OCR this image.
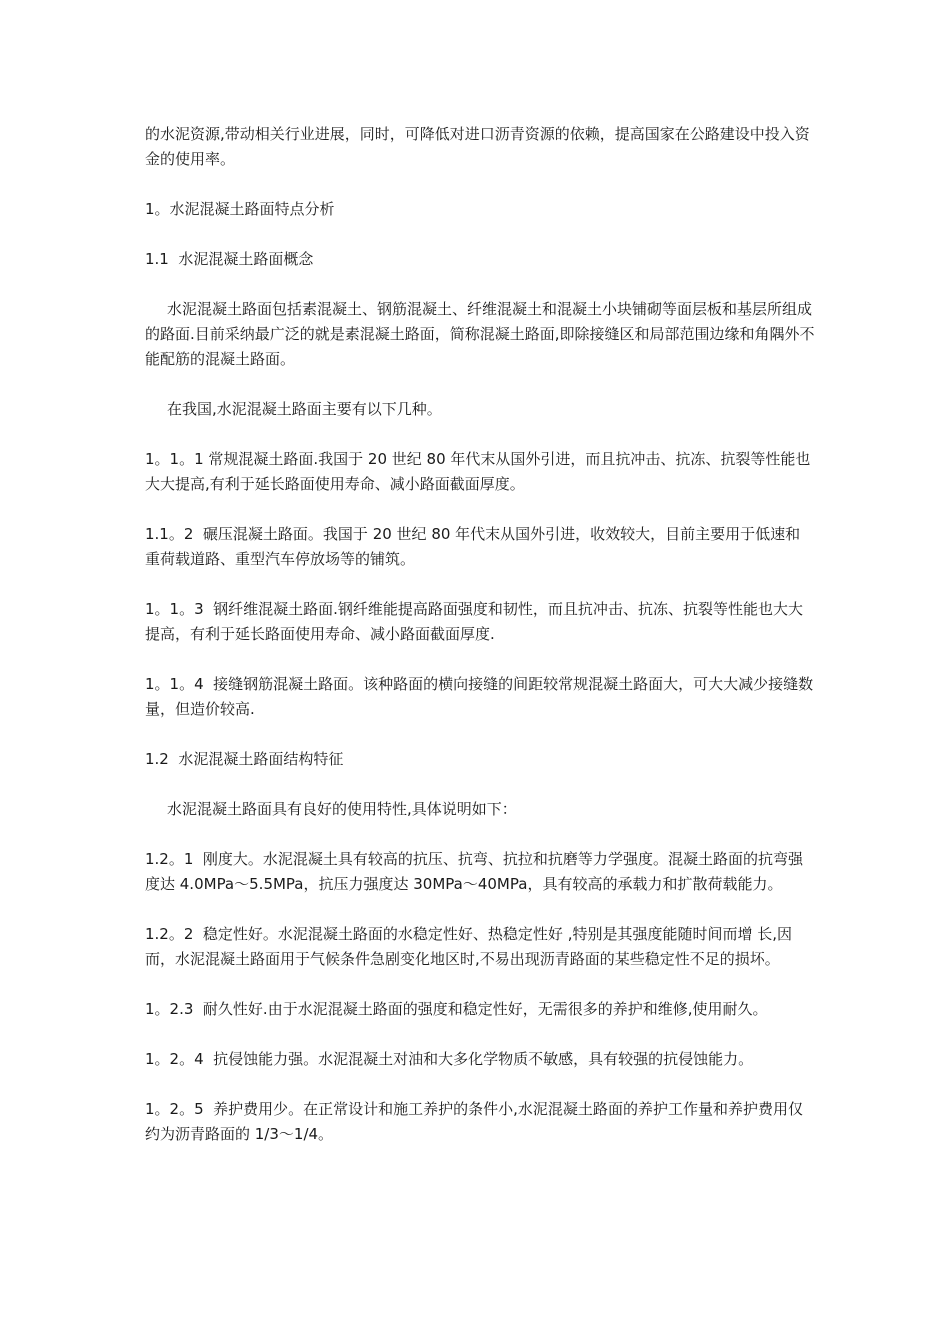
的水泥资源,带动相关行业进展，同时，可降低对进口沥青资源的依赖，提高国家在公路建设中投入资金的使用率。

1。水泥混凝土路面特点分析

1.1  水泥混凝土路面概念

水泥混凝土路面包括素混凝土、钢筋混凝土、纤维混凝土和混凝土小块铺砌等面层板和基层所组成的路面.目前采纳最广泛的就是素混凝土路面，简称混凝土路面,即除接缝区和局部范围边缘和角隅外不能配筋的混凝土路面。

在我国,水泥混凝土路面主要有以下几种。

1。1。1 常规混凝土路面.我国于 20 世纪 80 年代末从国外引进，而且抗冲击、抗冻、抗裂等性能也大大提高,有利于延长路面使用寿命、减小路面截面厚度。

1.1。2  碾压混凝土路面。我国于 20 世纪 80 年代末从国外引进，收效较大，目前主要用于低速和重荷载道路、重型汽车停放场等的铺筑。

1。1。3  钢纤维混凝土路面.钢纤维能提高路面强度和韧性，而且抗冲击、抗冻、抗裂等性能也大大提高，有利于延长路面使用寿命、减小路面截面厚度.

1。1。4  接缝钢筋混凝土路面。该种路面的横向接缝的间距较常规混凝土路面大，可大大减少接缝数量，但造价较高.

1.2  水泥混凝土路面结构特征

水泥混凝土路面具有良好的使用特性,具体说明如下：

1.2。1  刚度大。水泥混凝土具有较高的抗压、抗弯、抗拉和抗磨等力学强度。混凝土路面的抗弯强度达 4.0MPa～5.5MPa，抗压力强度达 30MPa～40MPa，具有较高的承载力和扩散荷载能力。

1.2。2  稳定性好。水泥混凝土路面的水稳定性好、热稳定性好 ,特别是其强度能随时间而增 长,因而，水泥混凝土路面用于气候条件急剧变化地区时,不易出现沥青路面的某些稳定性不足的损坏。

1。2.3  耐久性好.由于水泥混凝土路面的强度和稳定性好，无需很多的养护和维修,使用耐久。

1。2。4  抗侵蚀能力强。水泥混凝土对油和大多化学物质不敏感，具有较强的抗侵蚀能力。

1。2。5  养护费用少。在正常设计和施工养护的条件小,水泥混凝土路面的养护工作量和养护费用仅约为沥青路面的 1/3～1/4。
